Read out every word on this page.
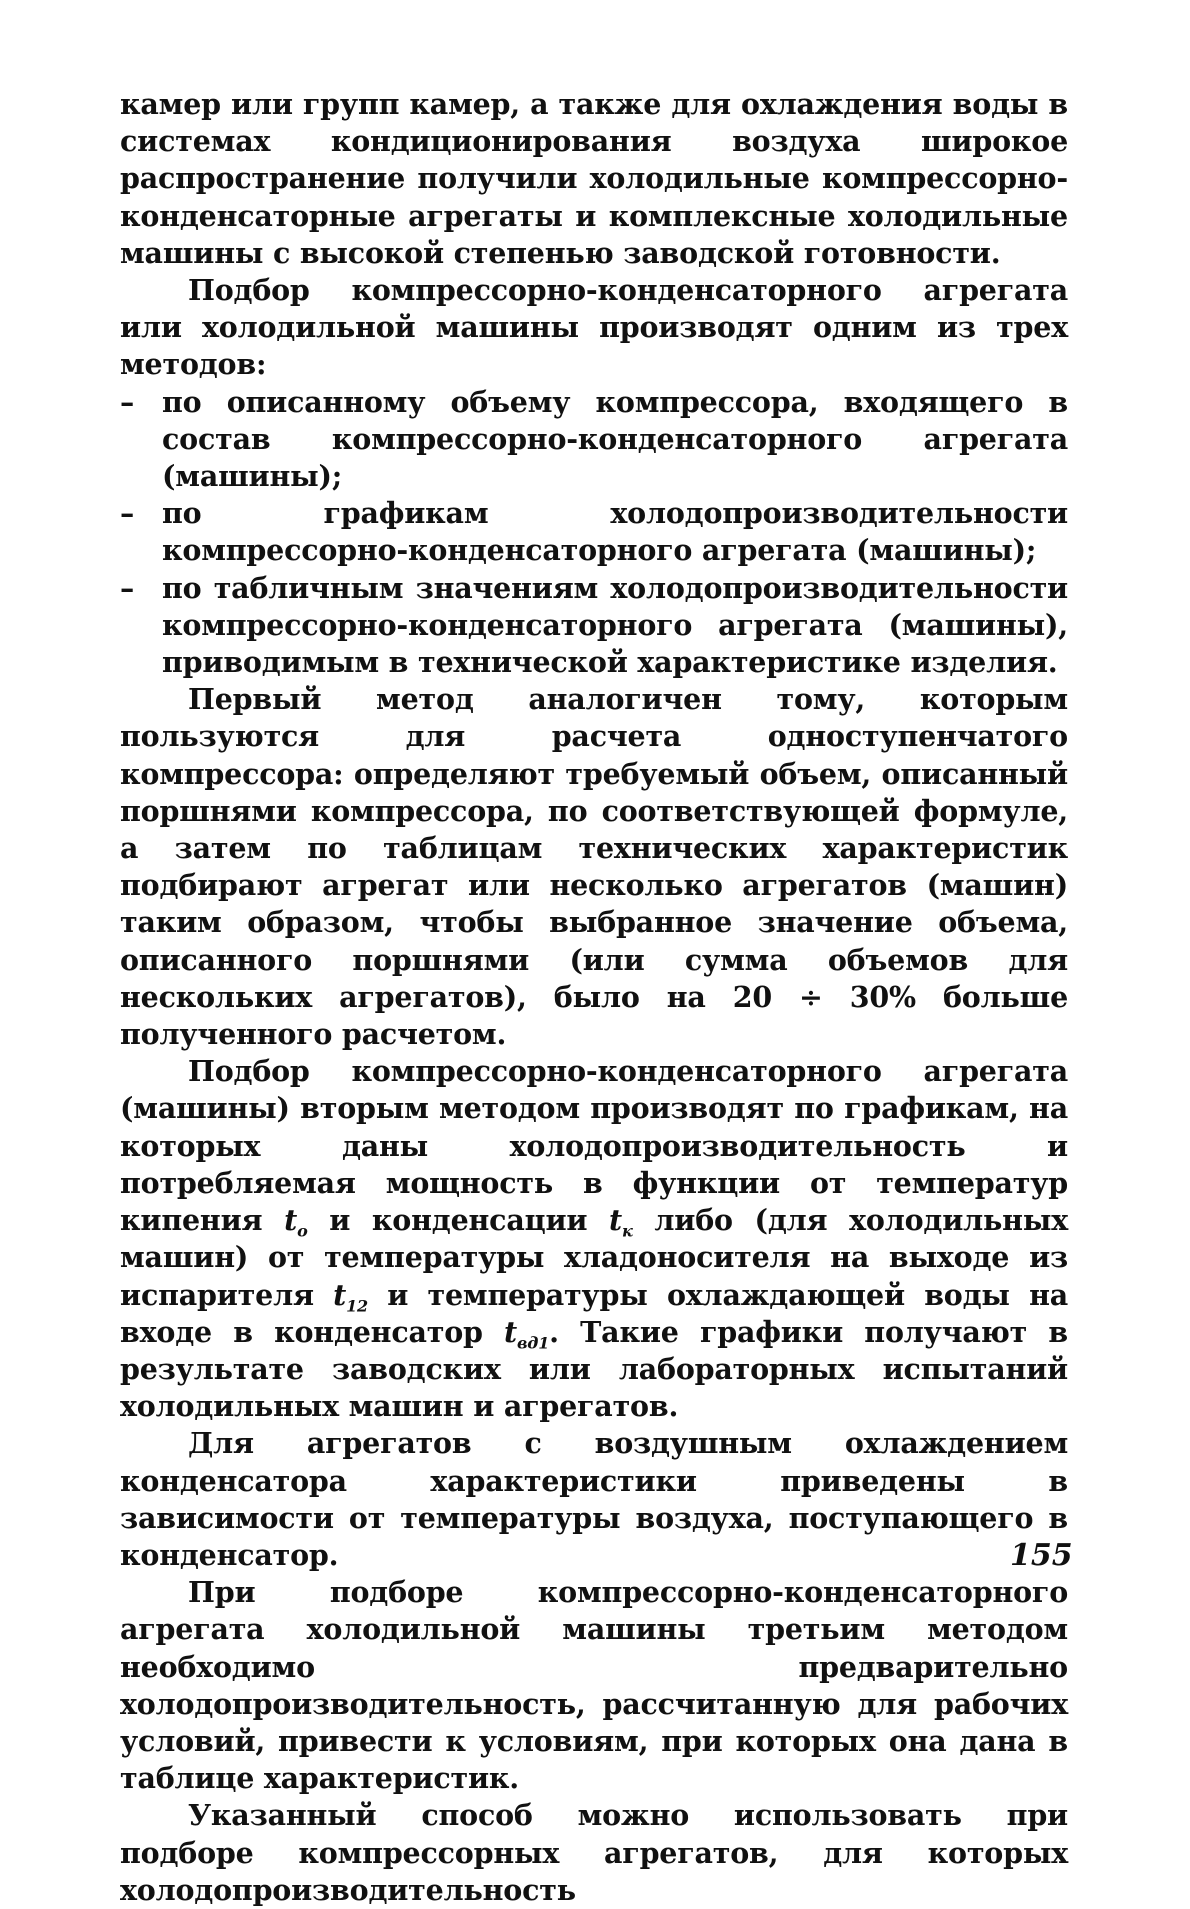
камер или групп камер, а также для охлаждения воды в системах кондиционирования воздуха широкое распространение получили холодильные компрессорно-конденсаторные агрегаты и комплексные холодильные машины с высокой степенью заводской готовности.

Подбор компрессорно-конденсаторного агрегата или холодильной машины производят одним из трех методов:

– по описанному объему компрессора, входящего в состав компрессорно-конденсаторного агрегата (машины);
– по графикам холодопроизводительности компрессорно-конденсаторного агрегата (машины);
– по табличным значениям холодопроизводительности компрессорно-конденсаторного агрегата (машины), приводимым в технической характеристике изделия.

Первый метод аналогичен тому, которым пользуются для расчета одноступенчатого компрессора: определяют требуемый объем, описанный поршнями компрессора, по соответствующей формуле, а затем по таблицам технических характеристик подбирают агрегат или несколько агрегатов (машин) таким образом, чтобы выбранное значение объема, описанного поршнями (или сумма объемов для нескольких агрегатов), было на 20 ÷ 30% больше полученного расчетом.

Подбор компрессорно-конденсаторного агрегата (машины) вторым методом производят по графикам, на которых даны холодопроизводительность и потребляемая мощность в функции от температур кипения $t_о$ и конденсации $t_к$ либо (для холодильных машин) от температуры хладоносителя на выходе из испарителя $t_{12}$ и температуры охлаждающей воды на входе в конденсатор $t_{вд1}$. Такие графики получают в результате заводских или лабораторных испытаний холодильных машин и агрегатов.

Для агрегатов с воздушным охлаждением конденсатора характеристики приведены в зависимости от температуры воздуха, поступающего в конденсатор.

При подборе компрессорно-конденсаторного агрегата холодильной машины третьим методом необходимо предварительно холодопроизводительность, рассчитанную для рабочих условий, привести к условиям, при которых она дана в таблице характеристик.

Указанный способ можно использовать при подборе компрессорных агрегатов, для которых холодопроизводительность

155
